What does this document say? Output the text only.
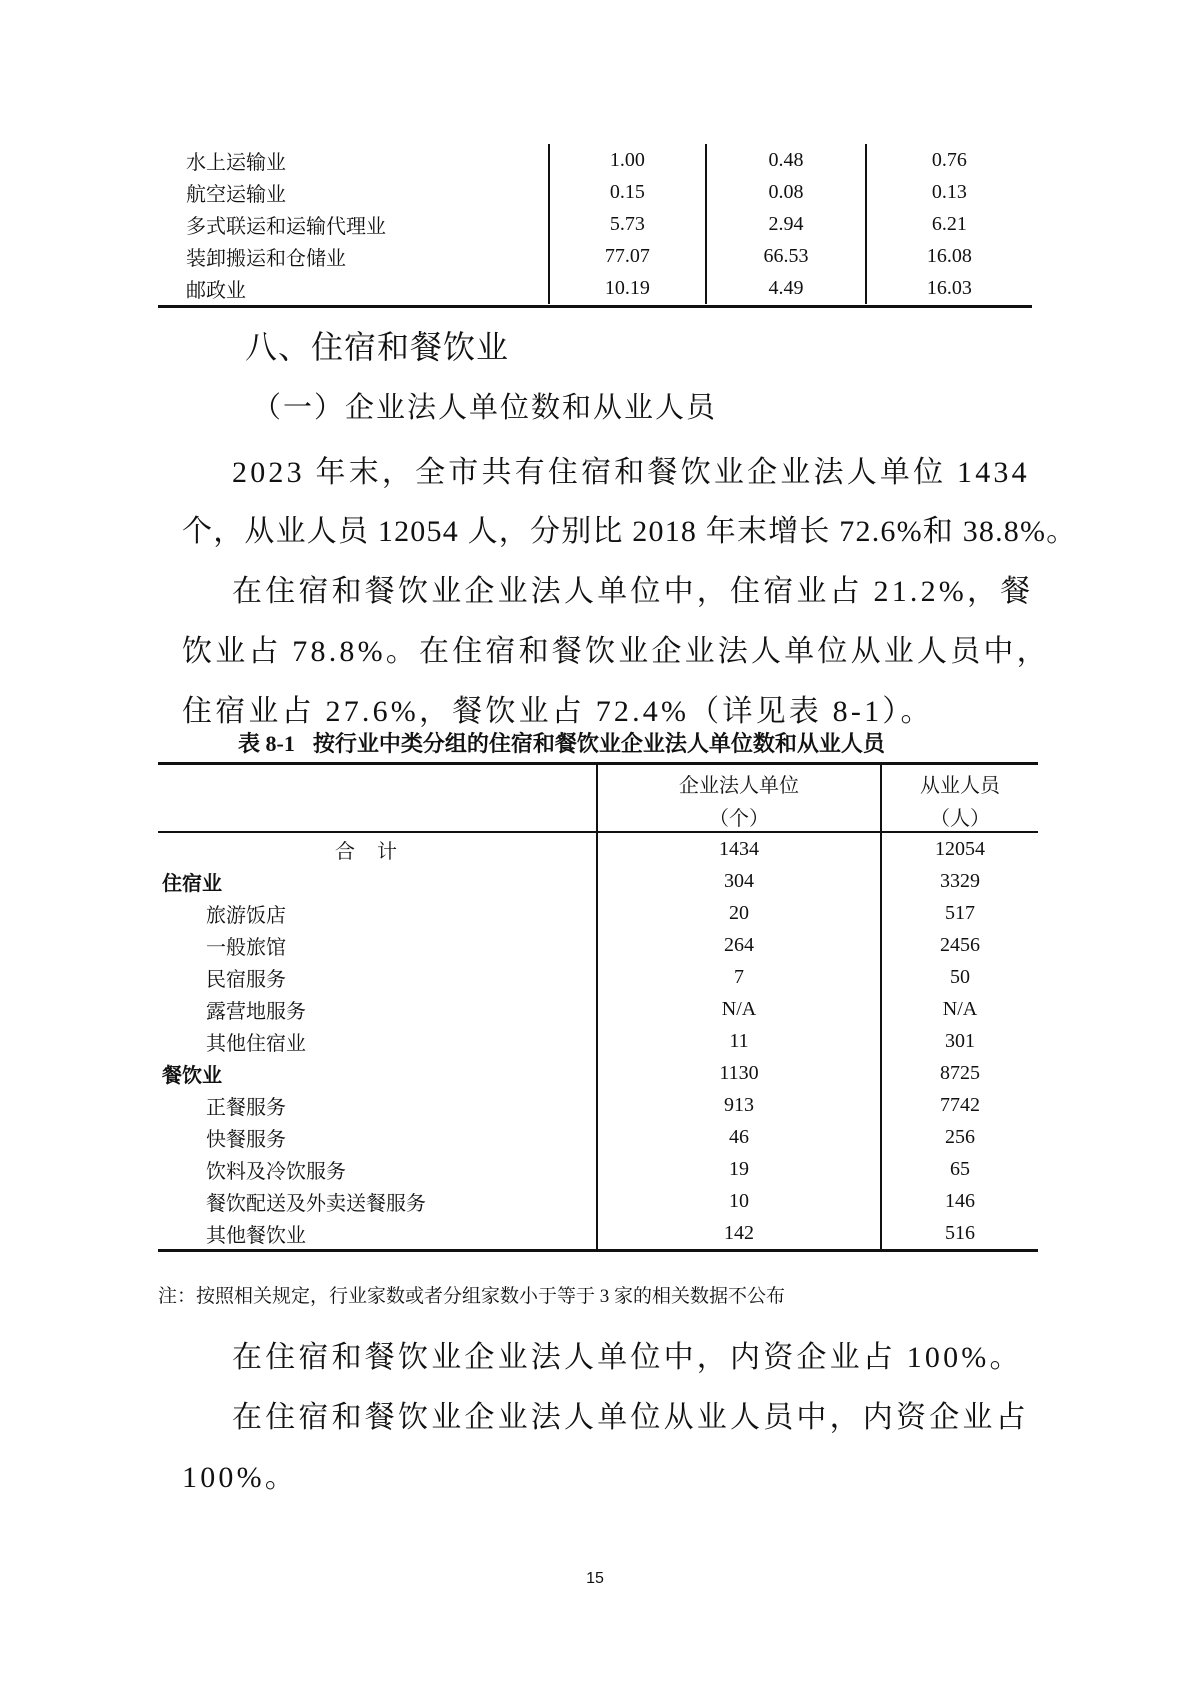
水上运输业	1.00	0.48	0.76
航空运输业	0.15	0.08	0.13
多式联运和运输代理业	5.73	2.94	6.21
装卸搬运和仓储业	77.07	66.53	16.08
邮政业	10.19	4.49	16.03
八、住宿和餐饮业
（一）企业法人单位数和从业人员
2023 年末，全市共有住宿和餐饮业企业法人单位 1434
个，从业人员 12054 人，分别比 2018 年末增长 72.6%和 38.8%。
在住宿和餐饮业企业法人单位中，住宿业占 21.2%，餐
饮业占 78.8%。在住宿和餐饮业企业法人单位从业人员中，
住宿业占 27.6%，餐饮业占 72.4%（详见表 8-1）。
表 8-1 按行业中类分组的住宿和餐饮业企业法人单位数和从业人员
	企业法人单位	从业人员
	（个）	（人）
合计	1434	12054
住宿业	304	3329
旅游饭店	20	517
一般旅馆	264	2456
民宿服务	7	50
露营地服务	N/A	N/A
其他住宿业	11	301
餐饮业	1130	8725
正餐服务	913	7742
快餐服务	46	256
饮料及冷饮服务	19	65
餐饮配送及外卖送餐服务	10	146
其他餐饮业	142	516
注：按照相关规定，行业家数或者分组家数小于等于 3 家的相关数据不公布
在住宿和餐饮业企业法人单位中，内资企业占 100%。
在住宿和餐饮业企业法人单位从业人员中，内资企业占
100%。
15
